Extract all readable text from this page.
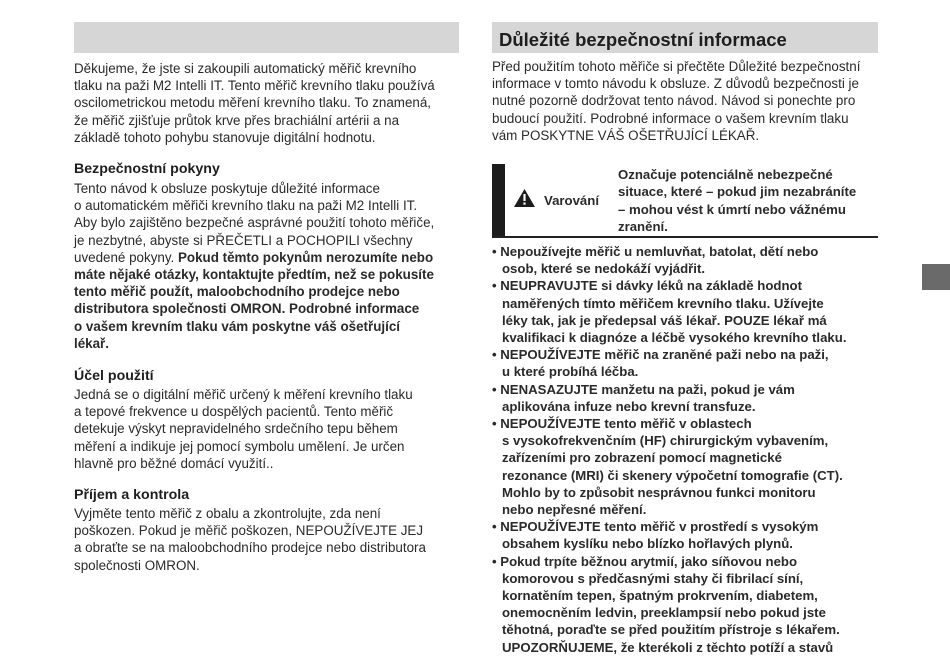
Děkujeme, že jste si zakoupili automatický měřič krevního
tlaku na paži M2 Intelli IT. Tento měřič krevního tlaku používá
oscilometrickou metodu měření krevního tlaku. To znamená,
že měřič zjišťuje průtok krve přes brachiální artérii a na
základě tohoto pohybu stanovuje digitální hodnotu.

Bezpečnostní pokyny

Tento návod k obsluze poskytuje důležité informace
o automatickém měřiči krevního tlaku na paži M2 Intelli IT.
Aby bylo zajištěno bezpečné asprávné použití tohoto měřiče,
je nezbytné, abyste si PŘEČETLI a POCHOPILI všechny
uvedené pokyny. Pokud těmto pokynům nerozumíte nebo
máte nějaké otázky, kontaktujte předtím, než se pokusíte
tento měřič použít, maloobchodního prodejce nebo
distributora společnosti OMRON. Podrobné informace
o vašem krevním tlaku vám poskytne váš ošetřující
lékař.

Účel použití

Jedná se o digitální měřič určený k měření krevního tlaku
a tepové frekvence u dospělých pacientů. Tento měřič
detekuje výskyt nepravidelného srdečního tepu během
měření a indikuje jej pomocí symbolu umělení. Je určen
hlavně pro běžné domácí využití..

Příjem a kontrola

Vyjměte tento měřič z obalu a zkontrolujte, zda není
poškozen. Pokud je měřič poškozen, NEPOUŽÍVEJTE JEJ
a obraťte se na maloobchodního prodejce nebo distributora
společnosti OMRON.

Důležité bezpečnostní informace

Před použitím tohoto měřiče si přečtěte Důležité bezpečnostní
informace v tomto návodu k obsluze. Z důvodů bezpečnosti je
nutné pozorně dodržovat tento návod. Návod si ponechte pro
budoucí použití. Podrobné informace o vašem krevním tlaku
vám POSKYTNE VÁŠ OŠETŘUJÍCÍ LÉKAŘ.

Varování
Označuje potenciálně nebezpečné
situace, které – pokud jim nezabráníte
– mohou vést k úmrtí nebo vážnému
zranění.
• Nepoužívejte měřič u nemluvňat, batolat, dětí nebo
osob, které se nedokáží vyjádřit.
• NEUPRAVUJTE si dávky léků na základě hodnot
naměřených tímto měřičem krevního tlaku. Užívejte
léky tak, jak je předepsal váš lékař. POUZE lékař má
kvalifikaci k diagnóze a léčbě vysokého krevního tlaku.
• NEPOUŽÍVEJTE měřič na zraněné paži nebo na paži,
u které probíhá léčba.
• NENASAZUJTE manžetu na paži, pokud je vám
aplikována infuze nebo krevní transfuze.
• NEPOUŽÍVEJTE tento měřič v oblastech
s vysokofrekvenčním (HF) chirurgickým vybavením,
zařízeními pro zobrazení pomocí magnetické
rezonance (MRI) či skenery výpočetní tomografie (CT).
Mohlo by to způsobit nesprávnou funkci monitoru
nebo nepřesné měření.
• NEPOUŽÍVEJTE tento měřič v prostředí s vysokým
obsahem kyslíku nebo blízko hořlavých plynů.
• Pokud trpíte běžnou arytmií, jako síňovou nebo
komorovou s předčasnými stahy či fibrilací síní,
kornatěním tepen, špatným prokrvením, diabetem,
onemocněním ledvin, preeklampsií nebo pokud jste
těhotná, poraďte se před použitím přístroje s lékařem.
UPOZORŇUJEME, že kterékoli z těchto potíží a stavů
